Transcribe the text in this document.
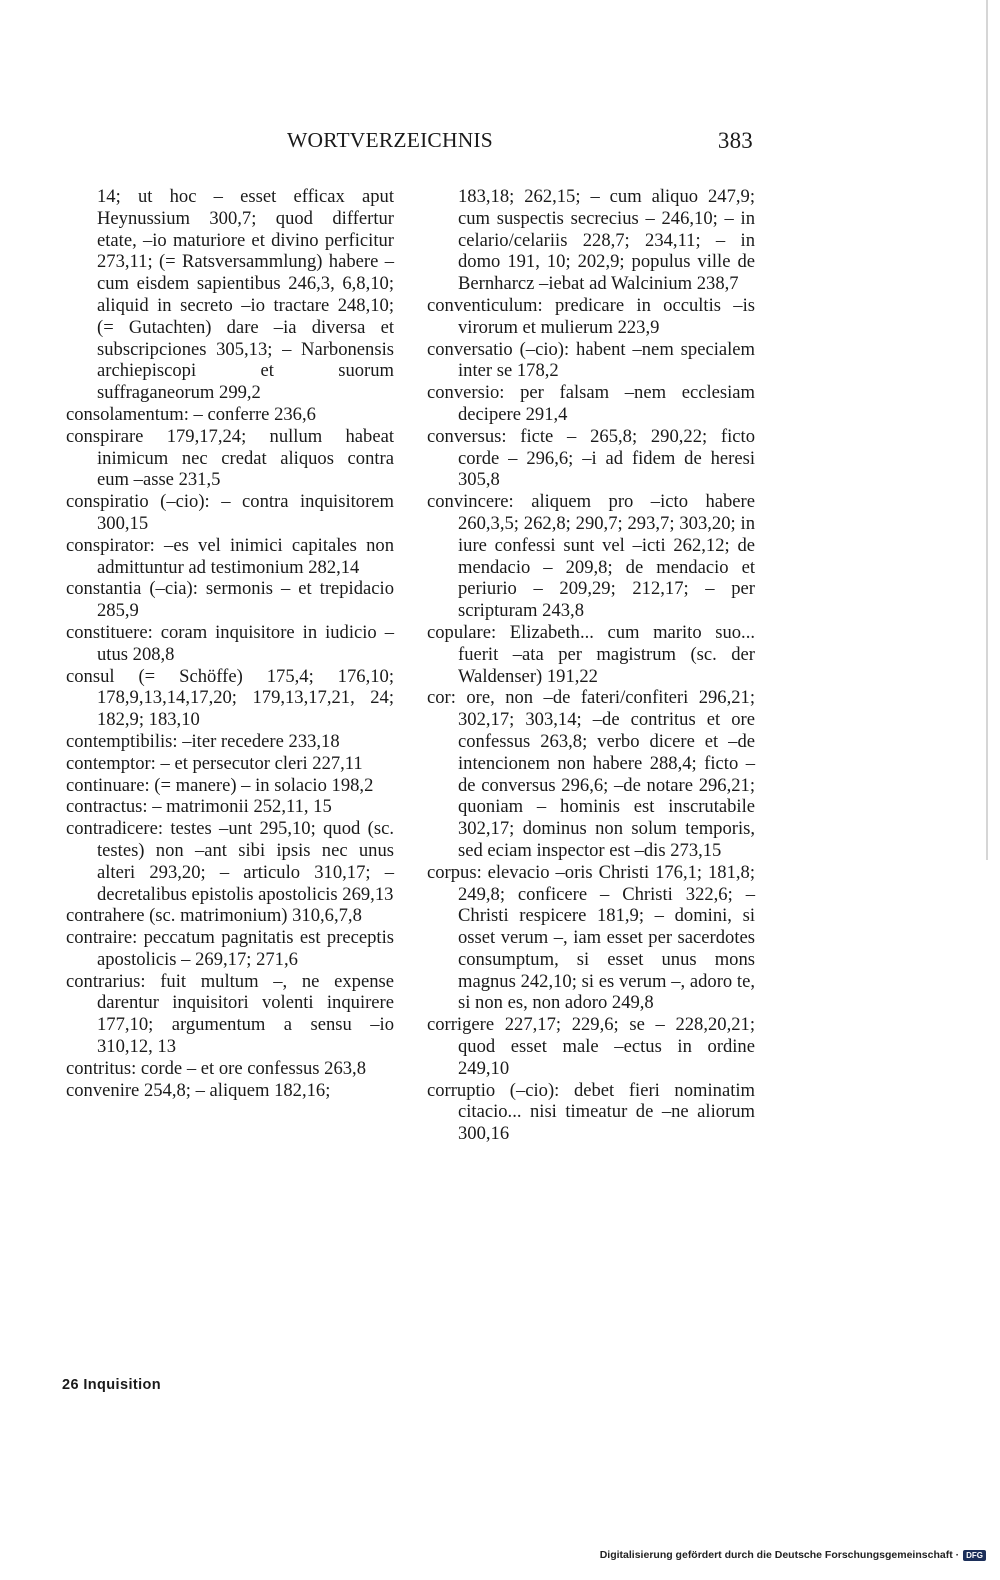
WORTVERZEICHNIS	383
14; ut hoc – esset efficax aput Heynussium 300,7; quod differtur etate, –io maturiore et divino perficitur 273,11; (= Ratsversammlung) habere – cum eisdem sapientibus 246,3, 6,8,10; aliquid in secreto –io tractare 248,10; (= Gutachten) dare –ia diversa et subscripciones 305,13; – Narbonensis archiepiscopi et suorum suffraganeorum 299,2
consolamentum: – conferre 236,6
conspirare 179,17,24; nullum habeat inimicum nec credat aliquos contra eum –asse 231,5
conspiratio (–cio): – contra inquisitorem 300,15
conspirator: –es vel inimici capitales non admittuntur ad testimonium 282,14
constantia (–cia): sermonis – et trepidacio 285,9
constituere: coram inquisitore in iudicio –utus 208,8
consul (= Schöffe) 175,4; 176,10; 178,9,13,14,17,20; 179,13,17,21, 24; 182,9; 183,10
contemptibilis: –iter recedere 233,18
contemptor: – et persecutor cleri 227,11
continuare: (= manere) – in solacio 198,2
contractus: – matrimonii 252,11, 15
contradicere: testes –unt 295,10; quod (sc. testes) non –ant sibi ipsis nec unus alteri 293,20; – articulo 310,17; – decretalibus epistolis apostolicis 269,13
contrahere (sc. matrimonium) 310,6,7,8
contraire: peccatum pagnitatis est preceptis apostolicis – 269,17; 271,6
contrarius: fuit multum –, ne expense darentur inquisitori volenti inquirere 177,10; argumentum a sensu –io 310,12, 13
contritus: corde – et ore confessus 263,8
convenire 254,8; – aliquem 182,16;
183,18; 262,15; – cum aliquo 247,9; cum suspectis secrecius – 246,10; – in celario/celariis 228,7; 234,11; – in domo 191, 10; 202,9; populus ville de Bernharcz –iebat ad Walcinium 238,7
conventiculum: predicare in occultis –is virorum et mulierum 223,9
conversatio (–cio): habent –nem specialem inter se 178,2
conversio: per falsam –nem ecclesiam decipere 291,4
conversus: ficte – 265,8; 290,22; ficto corde – 296,6; –i ad fidem de heresi 305,8
convincere: aliquem pro –icto habere 260,3,5; 262,8; 290,7; 293,7; 303,20; in iure confessi sunt vel –icti 262,12; de mendacio – 209,8; de mendacio et periurio – 209,29; 212,17; – per scripturam 243,8
copulare: Elizabeth... cum marito suo... fuerit –ata per magistrum (sc. der Waldenser) 191,22
cor: ore, non –de fateri/confiteri 296,21; 302,17; 303,14; –de contritus et ore confessus 263,8; verbo dicere et –de intencionem non habere 288,4; ficto –de conversus 296,6; –de notare 296,21; quoniam – hominis est inscrutabile 302,17; dominus non solum temporis, sed eciam inspector est –dis 273,15
corpus: elevacio –oris Christi 176,1; 181,8; 249,8; conficere – Christi 322,6; – Christi respicere 181,9; – domini, si osset verum –, iam esset per sacerdotes consumptum, si esset unus mons magnus 242,10; si es verum –, adoro te, si non es, non adoro 249,8
corrigere 227,17; 229,6; se – 228,20,21; quod esset male –ectus in ordine 249,10
corruptio (–cio): debet fieri nominatim citacio... nisi timeatur de –ne aliorum 300,16
26 Inquisition
Digitalisierung gefördert durch die Deutsche Forschungsgemeinschaft · DFG
